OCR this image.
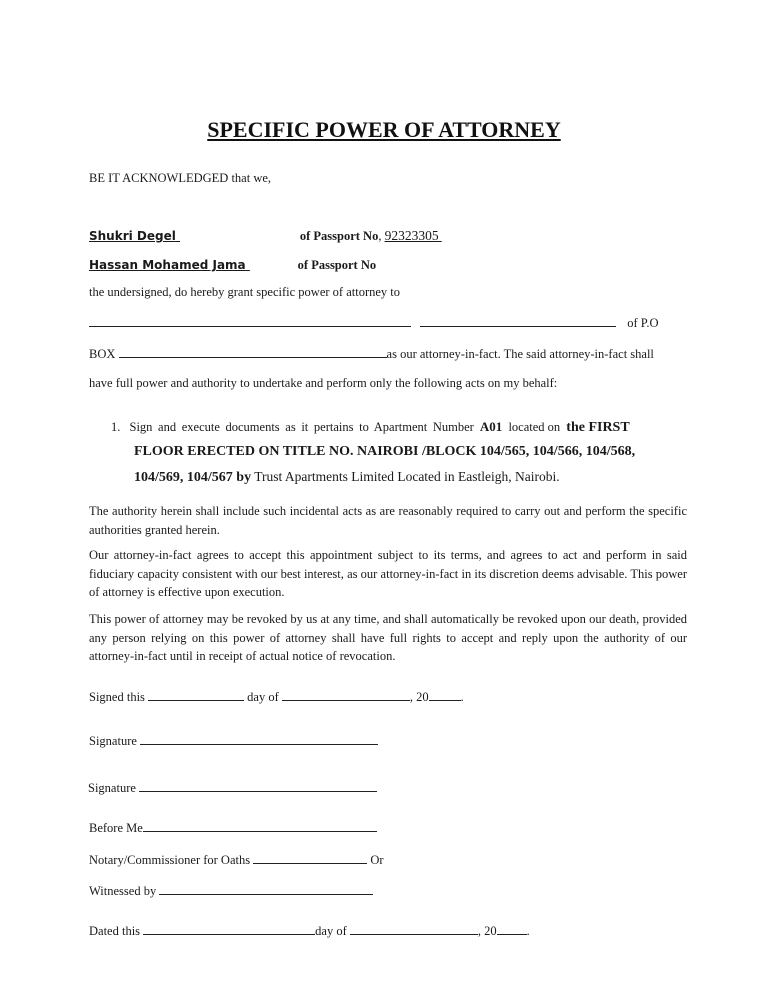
SPECIFIC POWER OF ATTORNEY
BE IT ACKNOWLEDGED that we,
Shukri Degel	of Passport No, 92323305
Hassan Mohamed Jama	of Passport No
the undersigned, do hereby grant specific power of attorney to
of P.O
BOX	as our attorney-in-fact. The said attorney-in-fact shall
have full power and authority to undertake and perform only the following acts on my behalf:
1. Sign and execute documents as it pertains to Apartment Number A01 located on the FIRST
FLOOR ERECTED ON TITLE NO. NAIROBI /BLOCK 104/565, 104/566, 104/568,
104/569, 104/567 by Trust Apartments Limited Located in Eastleigh, Nairobi.
The authority herein shall include such incidental acts as are reasonably required to carry out and perform the specific authorities granted herein.
Our attorney-in-fact agrees to accept this appointment subject to its terms, and agrees to act and perform in said fiduciary capacity consistent with our best interest, as our attorney-in-fact in its discretion deems advisable. This power of attorney is effective upon execution.
This power of attorney may be revoked by us at any time, and shall automatically be revoked upon our death, provided any person relying on this power of attorney shall have full rights to accept and reply upon the authority of our attorney-in-fact until in receipt of actual notice of revocation.
Signed this	day of	, 20	.
Signature
Signature
Before Me
Notary/Commissioner for Oaths	Or
Witnessed by
Dated this	day of	, 20 .
